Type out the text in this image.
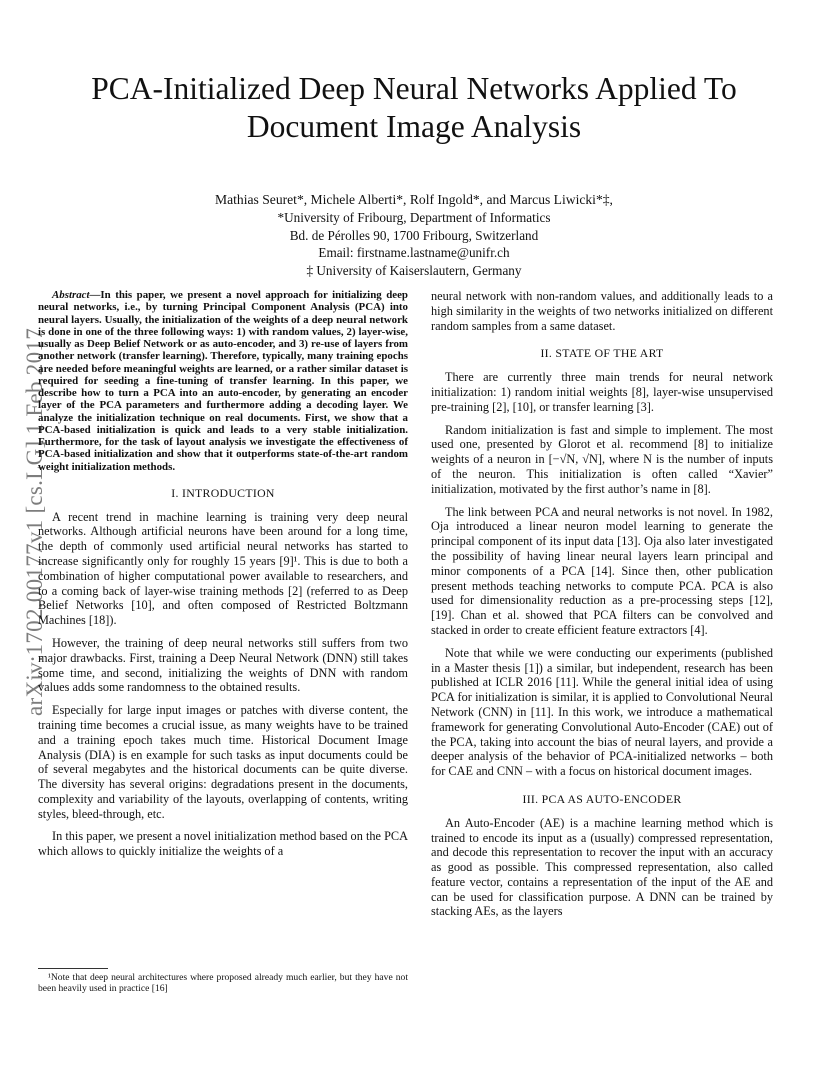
arXiv:1702.00177v1 [cs.LG] 1 Feb 2017
PCA-Initialized Deep Neural Networks Applied To
Document Image Analysis
Mathias Seuret*, Michele Alberti*, Rolf Ingold*, and Marcus Liwicki*‡,
*University of Fribourg, Department of Informatics
Bd. de Pérolles 90, 1700 Fribourg, Switzerland
Email: firstname.lastname@unifr.ch
‡ University of Kaiserslautern, Germany

Abstract—In this paper, we present a novel approach for initializing deep neural networks, i.e., by turning Principal Component Analysis (PCA) into neural layers. Usually, the initialization of the weights of a deep neural network is done in one of the three following ways: 1) with random values, 2) layer-wise, usually as Deep Belief Network or as auto-encoder, and 3) re-use of layers from another network (transfer learning). Therefore, typically, many training epochs are needed before meaningful weights are learned, or a rather similar dataset is required for seeding a fine-tuning of transfer learning. In this paper, we describe how to turn a PCA into an auto-encoder, by generating an encoder layer of the PCA parameters and furthermore adding a decoding layer. We analyze the initialization technique on real documents. First, we show that a PCA-based initialization is quick and leads to a very stable initialization. Furthermore, for the task of layout analysis we investigate the effectiveness of PCA-based initialization and show that it outperforms state-of-the-art random weight initialization methods.

I. INTRODUCTION

A recent trend in machine learning is training very deep neural networks. Although artificial neurons have been around for a long time, the depth of commonly used artificial neural networks has started to increase significantly only for roughly 15 years [9]¹. This is due to both a combination of higher computational power available to researchers, and to a coming back of layer-wise training methods [2] (referred to as Deep Belief Networks [10], and often composed of Restricted Boltzmann Machines [18]).

However, the training of deep neural networks still suffers from two major drawbacks. First, training a Deep Neural Network (DNN) still takes some time, and second, initializing the weights of DNN with random values adds some randomness to the obtained results.

Especially for large input images or patches with diverse content, the training time becomes a crucial issue, as many weights have to be trained and a training epoch takes much time. Historical Document Image Analysis (DIA) is en example for such tasks as input documents could be of several megabytes and the historical documents can be quite diverse. The diversity has several origins: degradations present in the documents, complexity and variability of the layouts, overlapping of contents, writing styles, bleed-through, etc.

In this paper, we present a novel initialization method based on the PCA which allows to quickly initialize the weights of a

neural network with non-random values, and additionally leads to a high similarity in the weights of two networks initialized on different random samples from a same dataset.

II. STATE OF THE ART

There are currently three main trends for neural network initialization: 1) random initial weights [8], layer-wise unsupervised pre-training [2], [10], or transfer learning [3].

Random initialization is fast and simple to implement. The most used one, presented by Glorot et al. recommend [8] to initialize weights of a neuron in [−√N, √N], where N is the number of inputs of the neuron. This initialization is often called “Xavier” initialization, motivated by the first author’s name in [8].

The link between PCA and neural networks is not novel. In 1982, Oja introduced a linear neuron model learning to generate the principal component of its input data [13]. Oja also later investigated the possibility of having linear neural layers learn principal and minor components of a PCA [14]. Since then, other publication present methods teaching networks to compute PCA. PCA is also used for dimensionality reduction as a pre-processing steps [12], [19]. Chan et al. showed that PCA filters can be convolved and stacked in order to create efficient feature extractors [4].

Note that while we were conducting our experiments (published in a Master thesis [1]) a similar, but independent, research has been published at ICLR 2016 [11]. While the general initial idea of using PCA for initialization is similar, it is applied to Convolutional Neural Network (CNN) in [11]. In this work, we introduce a mathematical framework for generating Convolutional Auto-Encoder (CAE) out of the PCA, taking into account the bias of neural layers, and provide a deeper analysis of the behavior of PCA-initialized networks – both for CAE and CNN – with a focus on historical document images.

III. PCA AS AUTO-ENCODER

An Auto-Encoder (AE) is a machine learning method which is trained to encode its input as a (usually) compressed representation, and decode this representation to recover the input with an accuracy as good as possible. This compressed representation, also called feature vector, contains a representation of the input of the AE and can be used for classification purpose. A DNN can be trained by stacking AEs, as the layers

¹Note that deep neural architectures where proposed already much earlier, but they have not been heavily used in practice [16]
